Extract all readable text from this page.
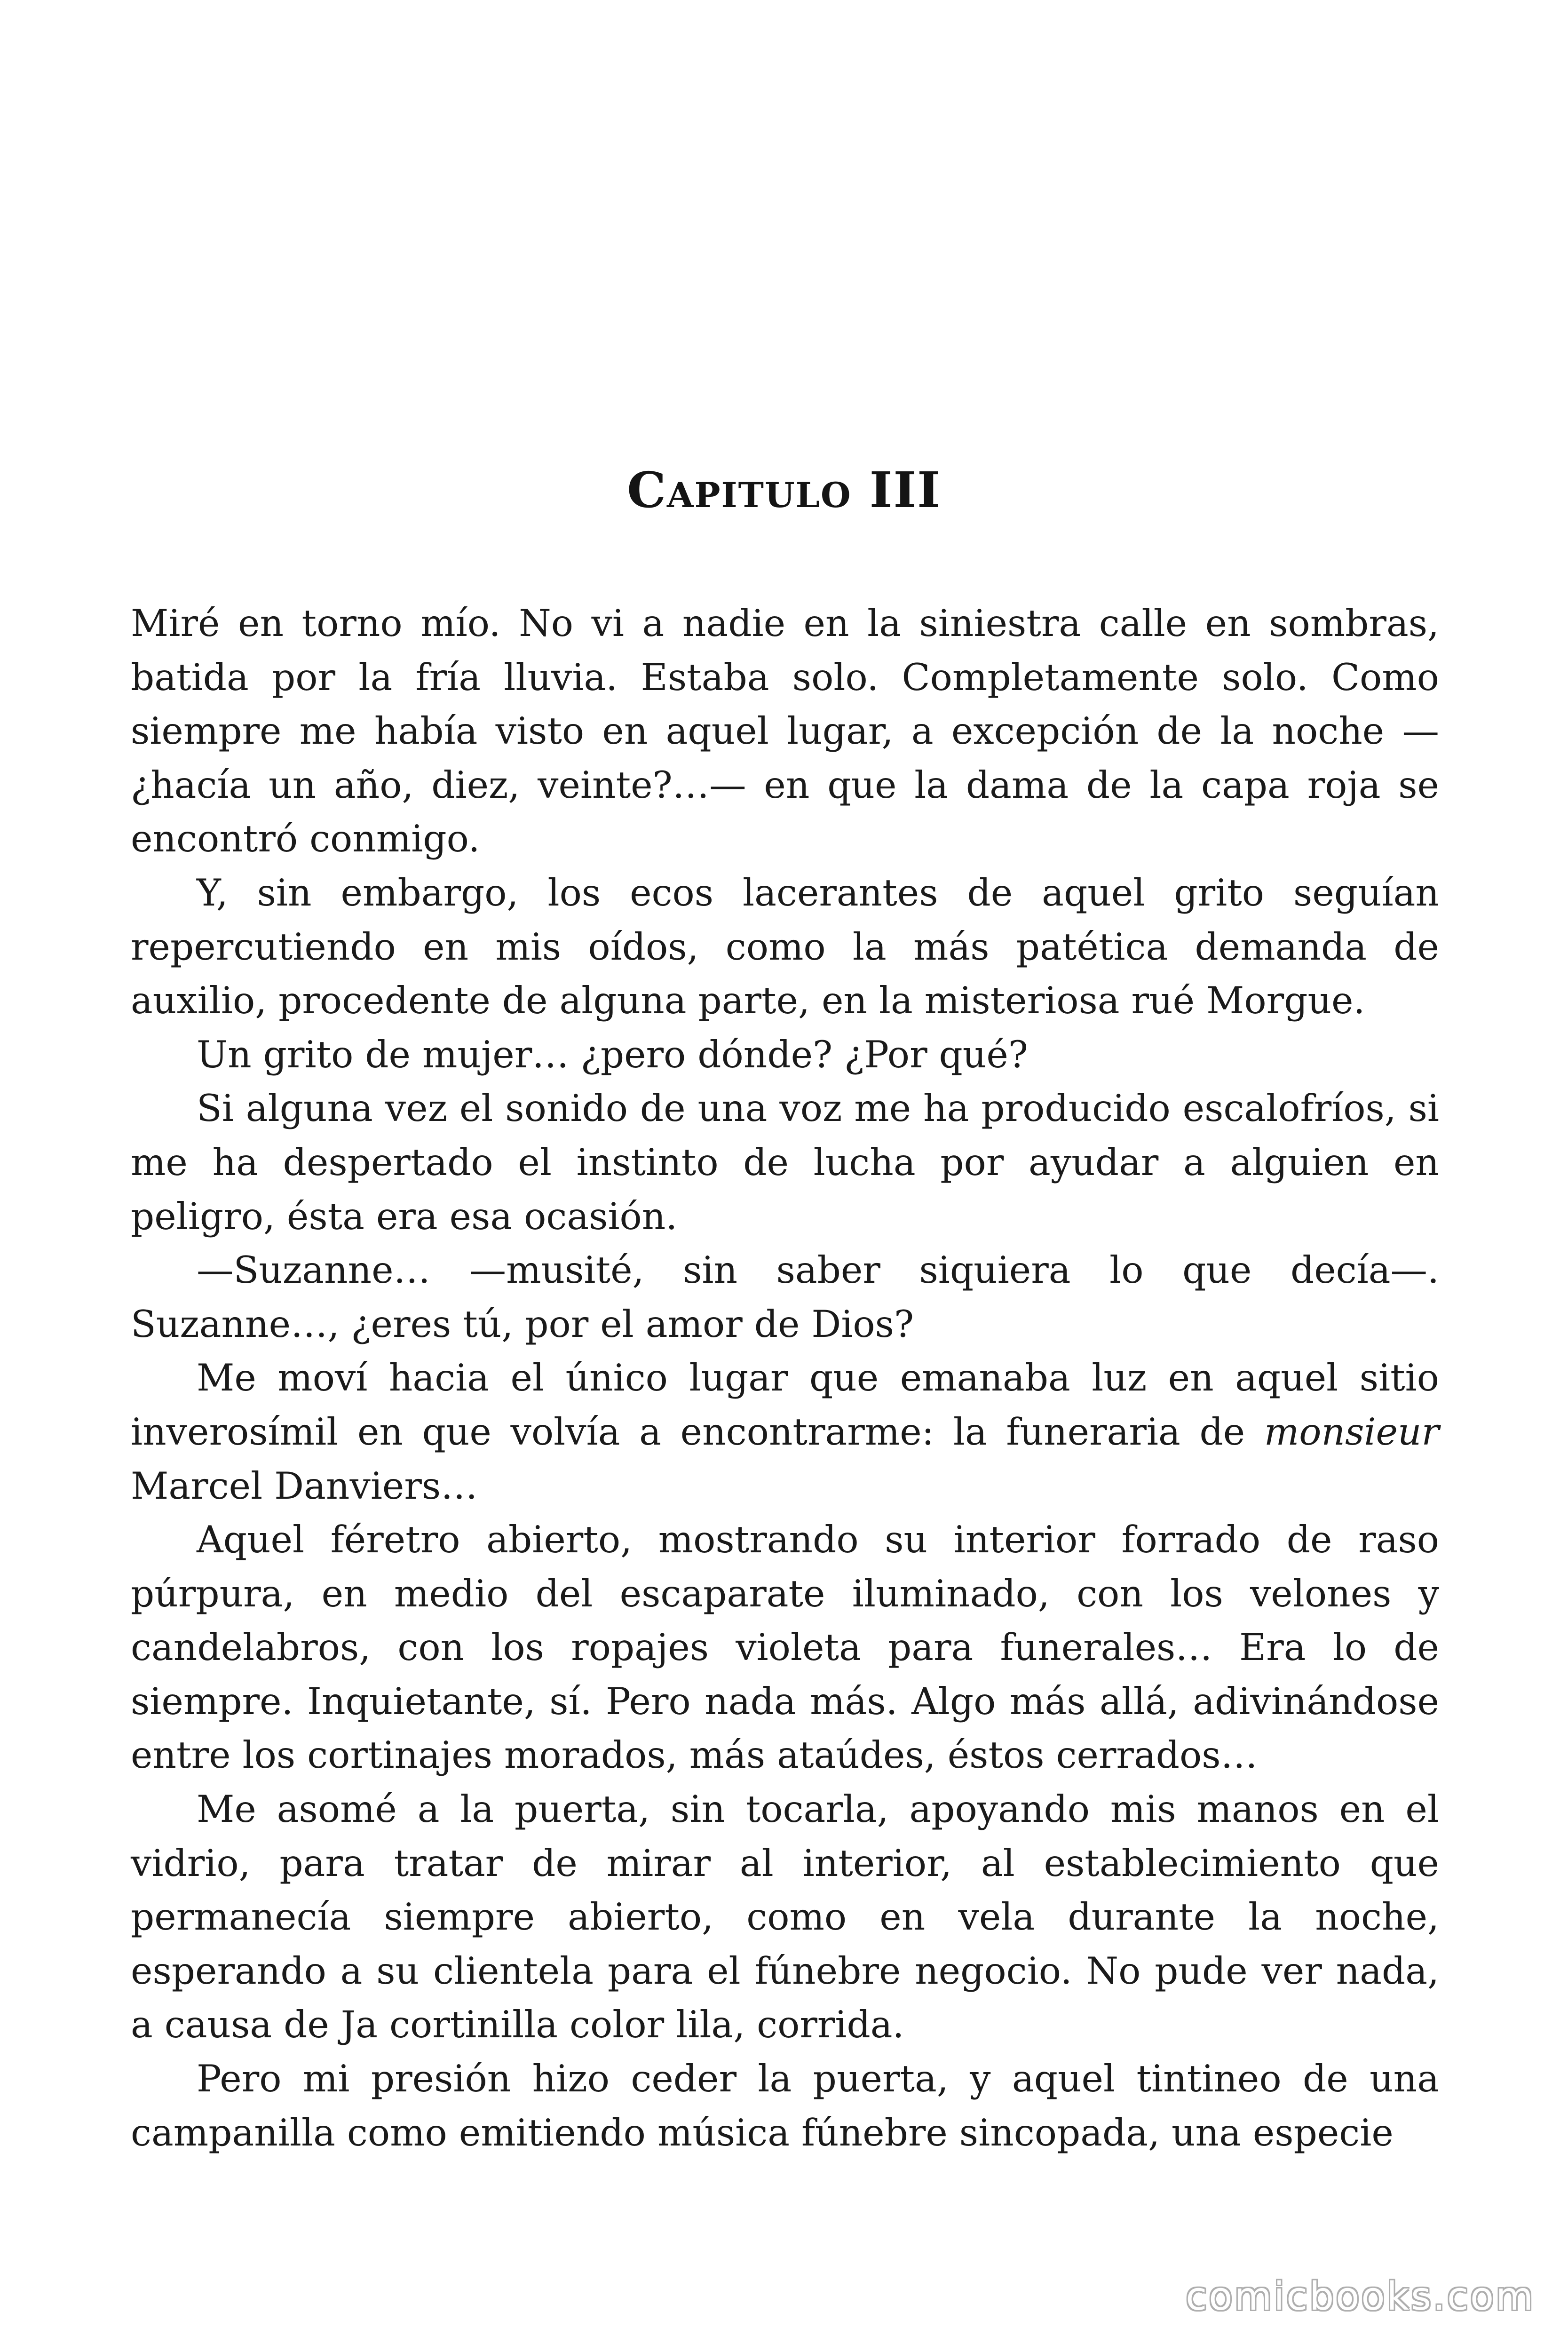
Capitulo III

Miré en torno mío. No vi a nadie en la siniestra calle en sombras, batida por la fría lluvia. Estaba solo. Completamente solo. Como siempre me había visto en aquel lugar, a excepción de la noche —¿hacía un año, diez, veinte?…— en que la dama de la capa roja se encontró conmigo.

Y, sin embargo, los ecos lacerantes de aquel grito seguían repercutiendo en mis oídos, como la más patética demanda de auxilio, procedente de alguna parte, en la misteriosa rué Morgue.

Un grito de mujer… ¿pero dónde? ¿Por qué?

Si alguna vez el sonido de una voz me ha producido escalofríos, si me ha despertado el instinto de lucha por ayudar a alguien en peligro, ésta era esa ocasión.

—Suzanne… —musité, sin saber siquiera lo que decía—. Suzanne…, ¿eres tú, por el amor de Dios?

Me moví hacia el único lugar que emanaba luz en aquel sitio inverosímil en que volvía a encontrarme: la funeraria de monsieur Marcel Danviers…

Aquel féretro abierto, mostrando su interior forrado de raso púrpura, en medio del escaparate iluminado, con los velones y candelabros, con los ropajes violeta para funerales… Era lo de siempre. Inquietante, sí. Pero nada más. Algo más allá, adivinándose entre los cortinajes morados, más ataúdes, éstos cerrados…

Me asomé a la puerta, sin tocarla, apoyando mis manos en el vidrio, para tratar de mirar al interior, al establecimiento que permanecía siempre abierto, como en vela durante la noche, esperando a su clientela para el fúnebre negocio. No pude ver nada, a causa de Ja cortinilla color lila, corrida.

Pero mi presión hizo ceder la puerta, y aquel tintineo de una campanilla como emitiendo música fúnebre sincopada, una especie

comicbooks.com
